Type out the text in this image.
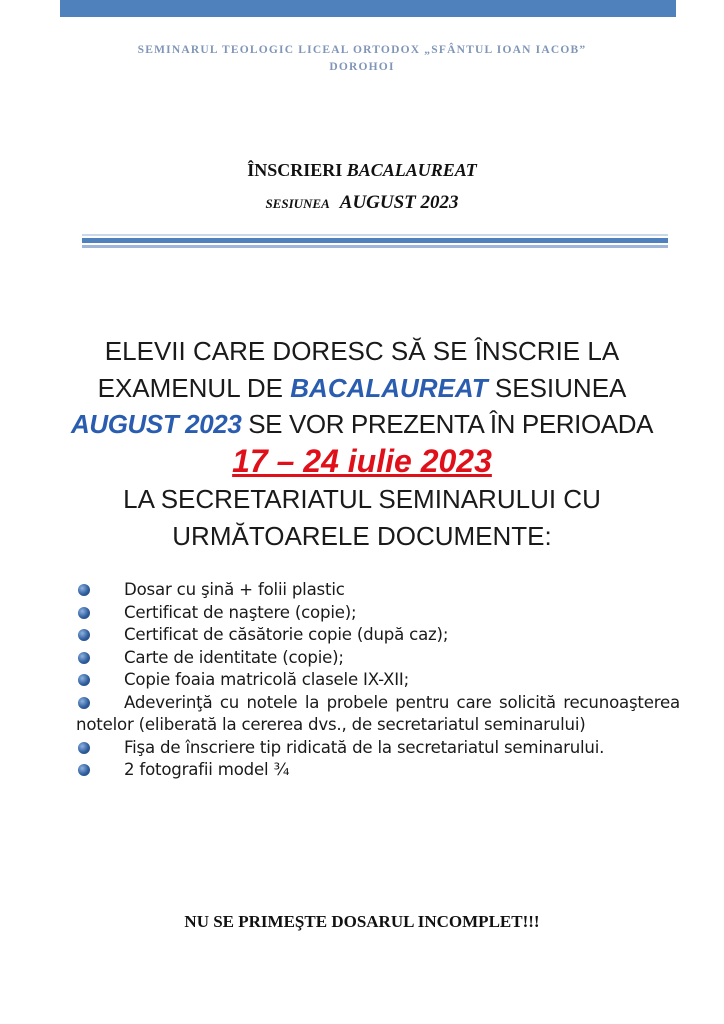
SEMINARUL TEOLOGIC LICEAL ORTODOX „SFÂNTUL IOAN IACOB”
DOROHOI
ÎNSCRIERI BACALAUREAT
SESIUNEA AUGUST 2023
ELEVII CARE DORESC SĂ SE ÎNSCRIE LA
EXAMENUL DE BACALAUREAT SESIUNEA
AUGUST 2023 SE VOR PREZENTA ÎN PERIOADA
17 – 24 iulie 2023
LA SECRETARIATUL SEMINARULUI CU
URMĂTOARELE DOCUMENTE:
Dosar cu şină + folii plastic
Certificat de naştere (copie);
Certificat de căsătorie copie (după caz);
Carte de identitate (copie);
Copie foaia matricolă clasele IX-XII;
Adeverinţă cu notele la probele pentru care solicită recunoaşterea notelor (eliberată la cererea dvs., de secretariatul seminarului)
Fişa de înscriere tip ridicată de la secretariatul seminarului.
2 fotografii model ¾
NU SE PRIMEŞTE DOSARUL INCOMPLET!!!
